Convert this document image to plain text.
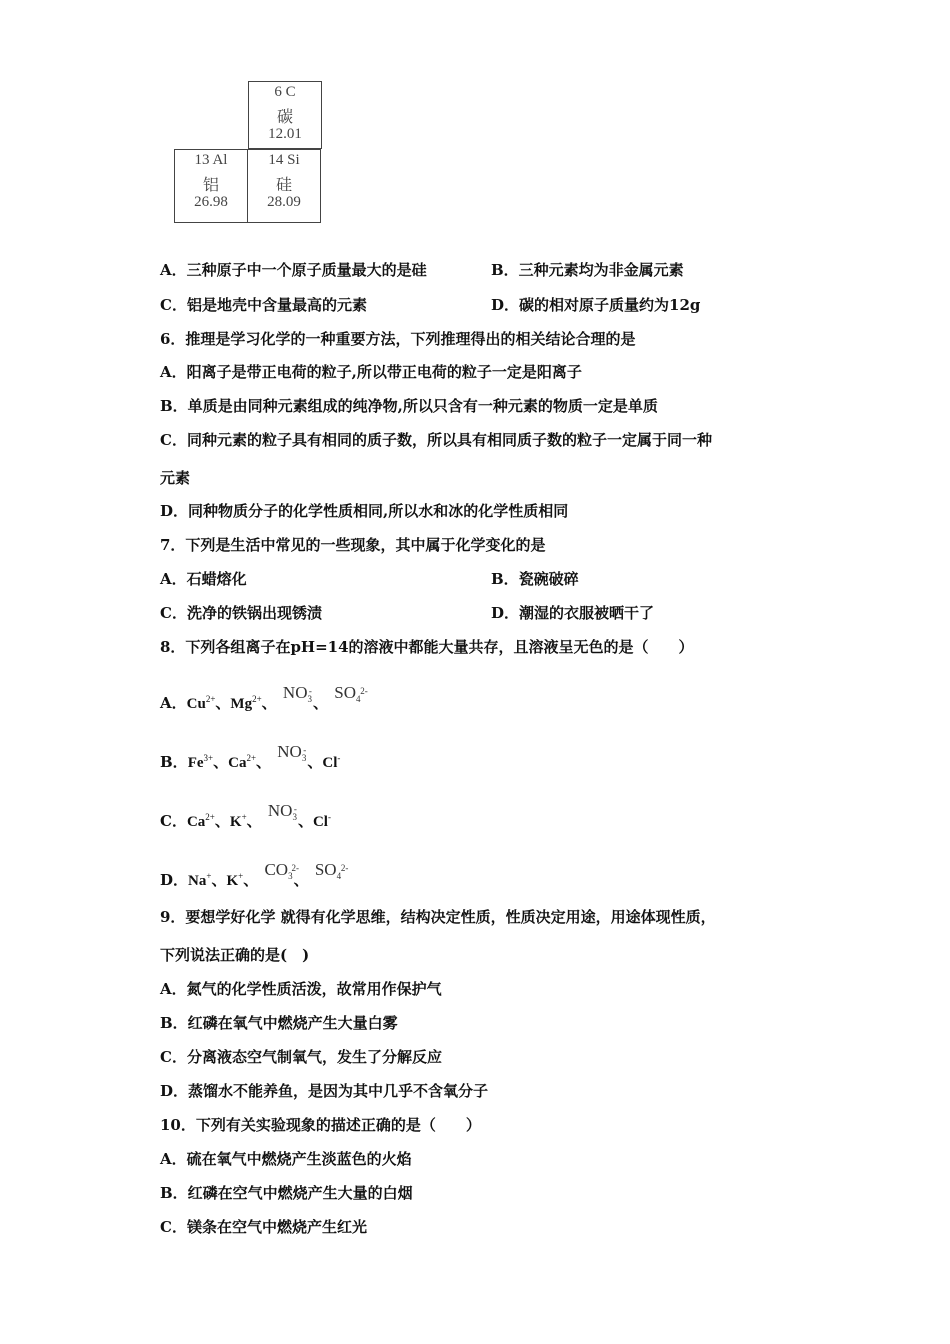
6 C
碳
12.01
13 Al
铝
26.98
14 Si
硅
28.09
A．三种原子中一个原子质量最大的是硅	B．三种元素均为非金属元素
C．铝是地壳中含量最高的元素	D．碳的相对原子质量约为12g
6．推理是学习化学的一种重要方法，下列推理得出的相关结论合理的是
A．阳离子是带正电荷的粒子,所以带正电荷的粒子一定是阳离子
B．单质是由同种元素组成的纯净物,所以只含有一种元素的物质一定是单质
C．同种元素的粒子具有相同的质子数，所以具有相同质子数的粒子一定属于同一种
元素
D．同种物质分子的化学性质相同,所以水和冰的化学性质相同
7．下列是生活中常见的一些现象，其中属于化学变化的是
A．石蜡熔化	B．瓷碗破碎
C．洗净的铁锅出现锈渍	D．潮湿的衣服被晒干了
8．下列各组离子在pH=14的溶液中都能大量共存，且溶液呈无色的是（　　）
A．$Cu^{2+}$、$Mg^{2+}$、 $NO_3$
-
、 $SO_4$
2-
B．$Fe^{3+}$、$Ca^{2+}$、 $NO_3$
-
、Cl-
C．$Ca^{2+}$、K+、 $NO_3$
-
、Cl-
D．Na+、K+、 $CO_3$
2-
、 $SO_4$
2-
9．要想学好化学 就得有化学思维，结构决定性质，性质决定用途，用途体现性质，
下列说法正确的是(　)
A．氮气的化学性质活泼，故常用作保护气
B．红磷在氧气中燃烧产生大量白雾
C．分离液态空气制氧气，发生了分解反应
D．蒸馏水不能养鱼，是因为其中几乎不含氧分子
10．下列有关实验现象的描述正确的是（　　）
A．硫在氧气中燃烧产生淡蓝色的火焰
B．红磷在空气中燃烧产生大量的白烟
C．镁条在空气中燃烧产生红光
